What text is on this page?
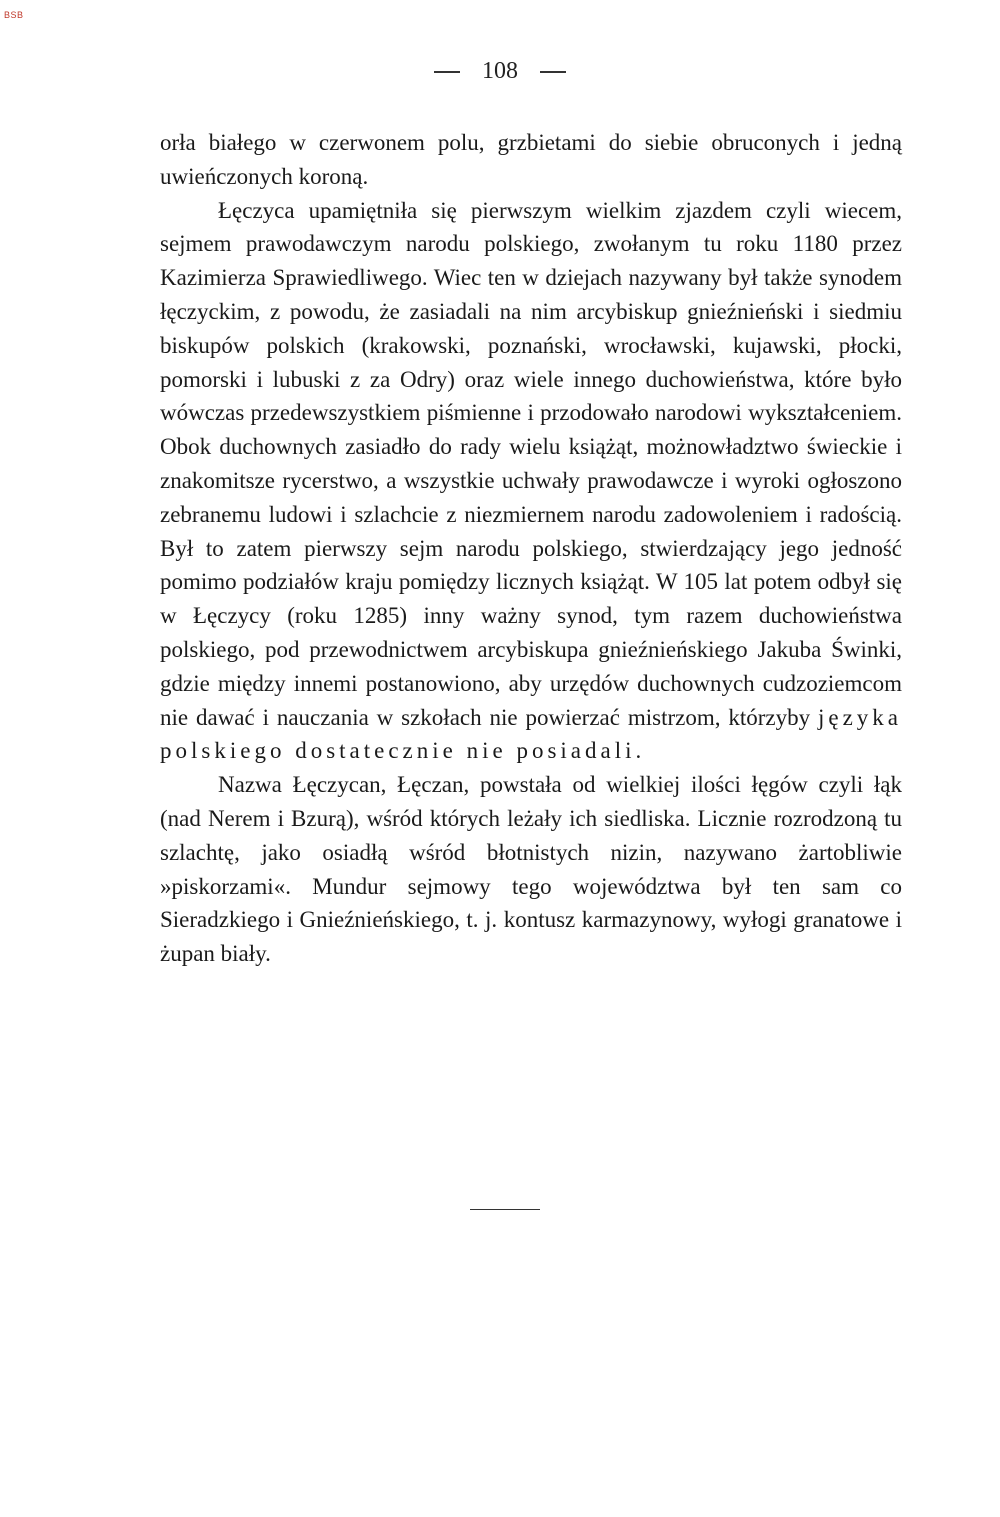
BSB
108

orła białego w czerwonem polu, grzbietami do siebie obruconych i jedną uwieńczonych koroną.

Łęczyca upamiętniła się pierwszym wielkim zjazdem czyli wiecem, sejmem prawodawczym narodu polskiego, zwołanym tu roku 1180 przez Kazimierza Sprawiedliwego. Wiec ten w dziejach nazywany był także synodem łęczyckim, z powodu, że zasiadali na nim arcybiskup gnieźnieński i siedmiu biskupów polskich (krakowski, poznański, wrocławski, kujawski, płocki, pomorski i lubuski z za Odry) oraz wiele innego duchowieństwa, które było wówczas przedewszystkiem piśmienne i przodowało narodowi wykształceniem. Obok duchownych zasiadło do rady wielu książąt, możnowładztwo świeckie i znakomitsze rycerstwo, a wszystkie uchwały prawodawcze i wyroki ogłoszono zebranemu ludowi i szlachcie z niezmiernem narodu zadowoleniem i radością. Był to zatem pierwszy sejm narodu polskiego, stwierdzający jego jedność pomimo podziałów kraju pomiędzy licznych książąt. W 105 lat potem odbył się w Łęczycy (roku 1285) inny ważny synod, tym razem duchowieństwa polskiego, pod przewodnictwem arcybiskupa gnieźnieńskiego Jakuba Świnki, gdzie między innemi postanowiono, aby urzędów duchownych cudzoziemcom nie dawać i nauczania w szkołach nie powierzać mistrzom, którzyby języka polskiego dostatecznie nie posiadali.

Nazwa Łęczycan, Łęczan, powstała od wielkiej ilości łęgów czyli łąk (nad Nerem i Bzurą), wśród których leżały ich siedliska. Licznie rozrodzoną tu szlachtę, jako osiadłą wśród błotnistych nizin, nazywano żartobliwie »piskorzami«. Mundur sejmowy tego województwa był ten sam co Sieradzkiego i Gnieźnieńskiego, t. j. kontusz karmazynowy, wyłogi granatowe i żupan biały.
